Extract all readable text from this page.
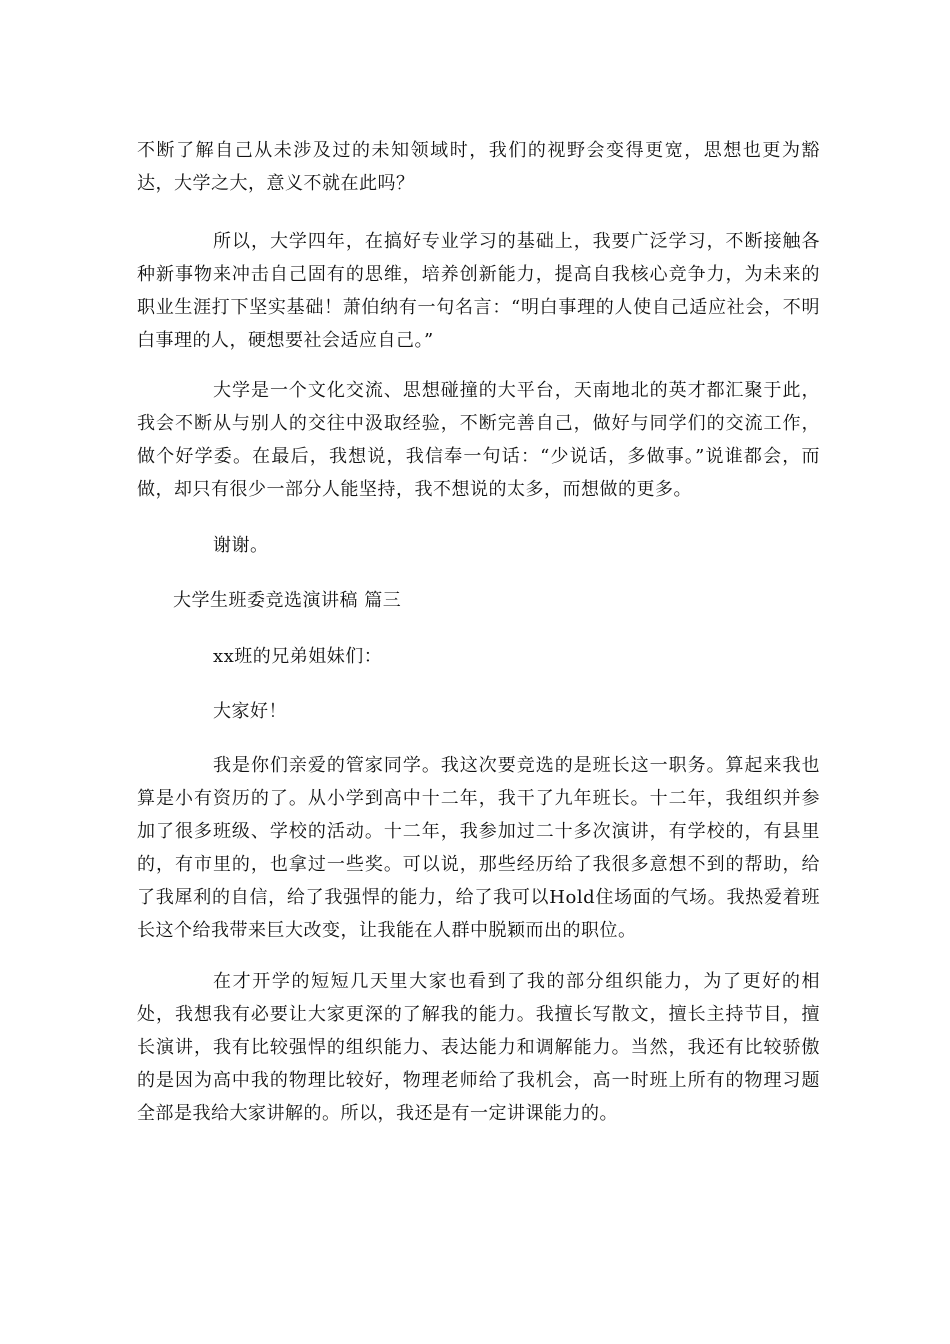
不断了解自己从未涉及过的未知领域时，我们的视野会变得更宽，思想也更为豁达，大学之大，意义不就在此吗？

所以，大学四年，在搞好专业学习的基础上，我要广泛学习，不断接触各种新事物来冲击自己固有的思维，培养创新能力，提高自我核心竞争力，为未来的职业生涯打下坚实基础！萧伯纳有一句名言：“明白事理的人使自己适应社会，不明白事理的人，硬想要社会适应自己。”

大学是一个文化交流、思想碰撞的大平台，天南地北的英才都汇聚于此，我会不断从与别人的交往中汲取经验，不断完善自己，做好与同学们的交流工作，做个好学委。在最后，我想说，我信奉一句话：“少说话，多做事。”说谁都会，而做，却只有很少一部分人能坚持，我不想说的太多，而想做的更多。

谢谢。

大学生班委竞选演讲稿 篇三

xx班的兄弟姐妹们：

大家好！

我是你们亲爱的管家同学。我这次要竞选的是班长这一职务。算起来我也算是小有资历的了。从小学到高中十二年，我干了九年班长。十二年，我组织并参加了很多班级、学校的活动。十二年，我参加过二十多次演讲，有学校的，有县里的，有市里的，也拿过一些奖。可以说，那些经历给了我很多意想不到的帮助，给了我犀利的自信，给了我强悍的能力，给了我可以Hold住场面的气场。我热爱着班长这个给我带来巨大改变，让我能在人群中脱颖而出的职位。

在才开学的短短几天里大家也看到了我的部分组织能力，为了更好的相处，我想我有必要让大家更深的了解我的能力。我擅长写散文，擅长主持节目，擅长演讲，我有比较强悍的组织能力、表达能力和调解能力。当然，我还有比较骄傲的是因为高中我的物理比较好，物理老师给了我机会，高一时班上所有的物理习题全部是我给大家讲解的。所以，我还是有一定讲课能力的。
